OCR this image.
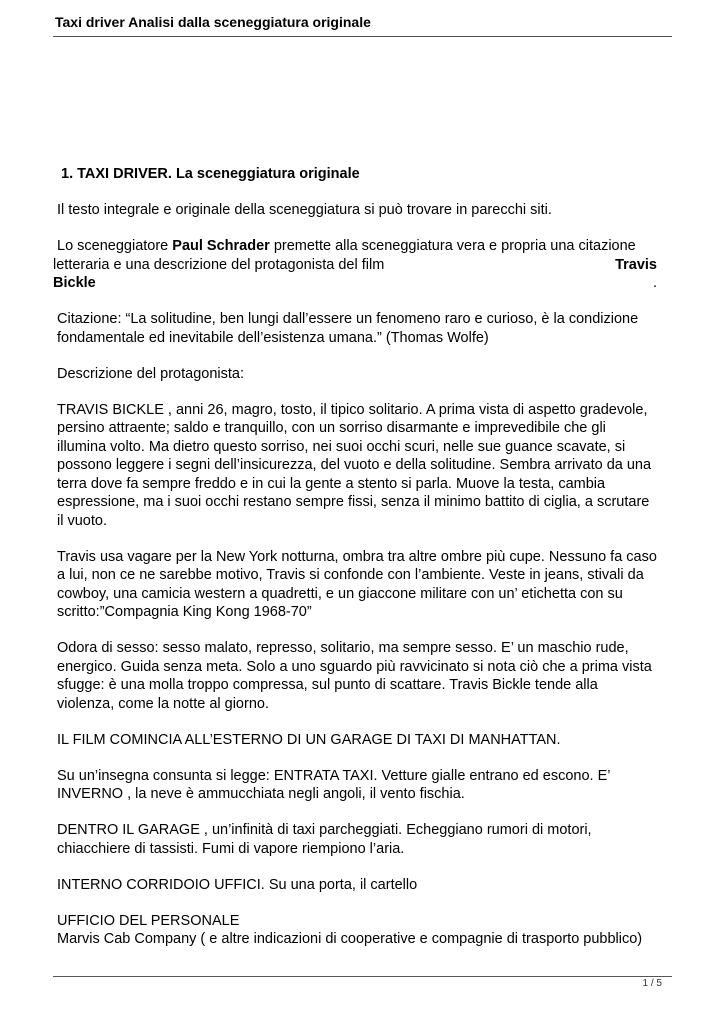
Taxi driver Analisi dalla sceneggiatura originale

1. TAXI DRIVER. La sceneggiatura originale

Il testo integrale e originale della sceneggiatura si può trovare in parecchi siti.

Lo sceneggiatore Paul Schrader premette alla sceneggiatura vera e propria una citazione
letteraria e una descrizione del protagonista del film	Travis
Bickle	.

Citazione: “La solitudine, ben lungi dall’essere un fenomeno raro e curioso, è la condizione fondamentale ed inevitabile dell’esistenza umana.” (Thomas Wolfe)

Descrizione del protagonista:

TRAVIS BICKLE , anni 26, magro, tosto, il tipico solitario. A prima vista di aspetto gradevole, persino attraente; saldo e tranquillo, con un sorriso disarmante e imprevedibile che gli illumina volto. Ma dietro questo sorriso, nei suoi occhi scuri, nelle sue guance scavate, si possono leggere i segni dell’insicurezza, del vuoto e della solitudine. Sembra arrivato da una terra dove fa sempre freddo e in cui la gente a stento si parla. Muove la testa, cambia espressione, ma i suoi occhi restano sempre fissi, senza il minimo battito di ciglia, a scrutare il vuoto.

Travis usa vagare per la New York notturna, ombra tra altre ombre più cupe. Nessuno fa caso a lui, non ce ne sarebbe motivo, Travis si confonde con l’ambiente. Veste in jeans, stivali da cowboy, una camicia western a quadretti, e un giaccone militare con un’ etichetta con su scritto:”Compagnia King Kong 1968-70”

Odora di sesso: sesso malato, represso, solitario, ma sempre sesso. E’ un maschio rude, energico. Guida senza meta. Solo a uno sguardo più ravvicinato si nota ciò che a prima vista sfugge: è una molla troppo compressa, sul punto di scattare. Travis Bickle tende alla violenza, come la notte al giorno.

IL FILM COMINCIA ALL’ESTERNO DI UN GARAGE DI TAXI DI MANHATTAN.

Su un’insegna consunta si legge: ENTRATA TAXI. Vetture gialle entrano ed escono. E’ INVERNO , la neve è ammucchiata negli angoli, il vento fischia.

DENTRO IL GARAGE , un’infinità di taxi parcheggiati. Echeggiano rumori di motori, chiacchiere di tassisti. Fumi di vapore riempiono l’aria.

INTERNO CORRIDOIO UFFICI. Su una porta, il cartello

UFFICIO DEL PERSONALE
Marvis Cab Company ( e altre indicazioni di cooperative e compagnie di trasporto pubblico)

1 / 5
